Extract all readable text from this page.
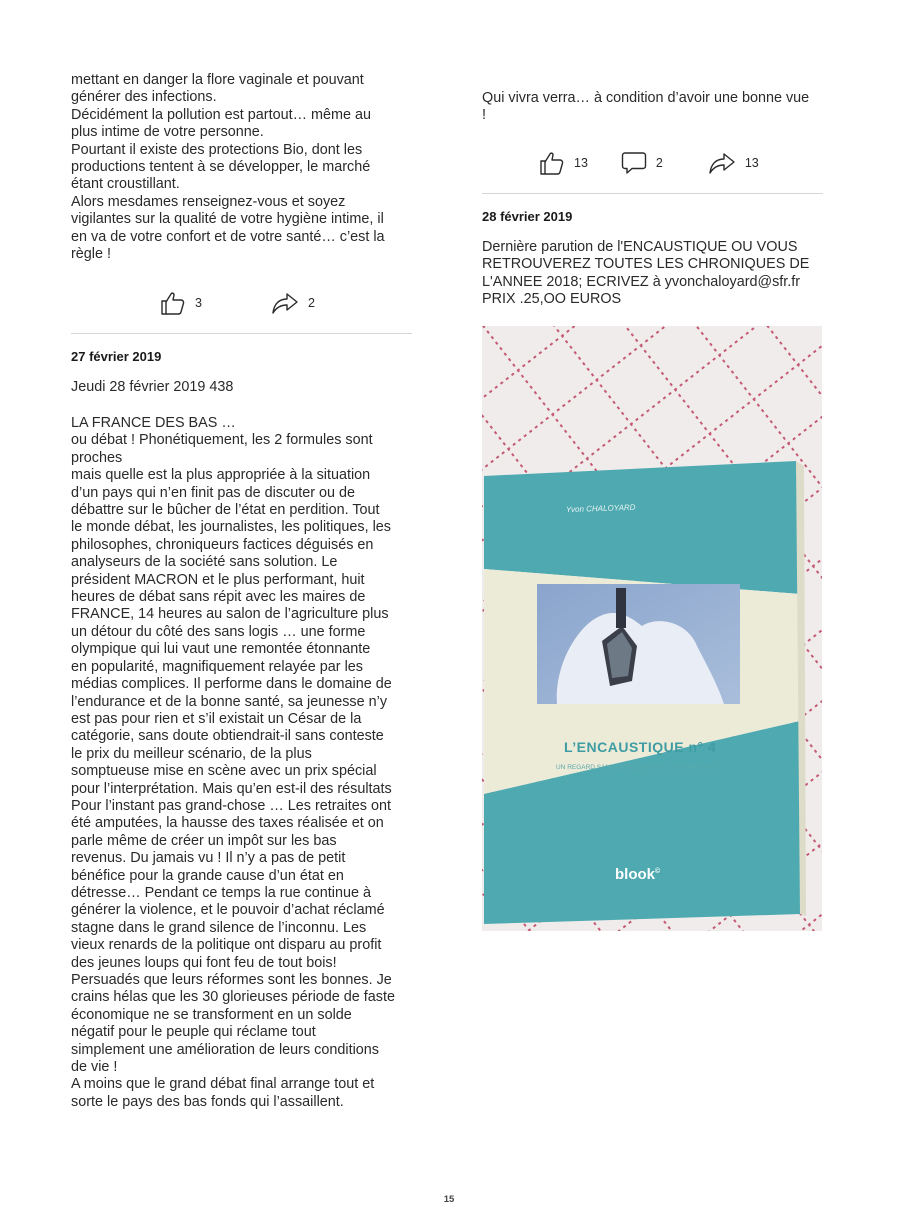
mettant en danger la flore vaginale et pouvant
générer des infections.
Décidément la pollution est partout… même au
plus intime de votre personne.
Pourtant il existe des protections Bio, dont les
productions tentent à se développer, le marché
étant croustillant.
Alors mesdames renseignez-vous et soyez
vigilantes sur la qualité de votre hygiène intime, il
en va de votre confort et de votre santé… c’est la
règle !

3	2

27 février 2019

Jeudi 28 février 2019 438

LA FRANCE DES BAS …
ou débat ! Phonétiquement, les 2 formules sont
proches
mais quelle est la plus appropriée à la situation
d’un pays qui n’en finit pas de discuter ou de
débattre sur le bûcher de l’état en perdition. Tout
le monde débat, les journalistes, les politiques, les
philosophes, chroniqueurs factices déguisés en
analyseurs de la société sans solution. Le
président MACRON et le plus performant, huit
heures de débat sans répit avec les maires de
FRANCE, 14 heures au salon de l’agriculture plus
un détour du côté des sans logis … une forme
olympique qui lui vaut une remontée étonnante
en popularité, magnifiquement relayée par les
médias complices. Il performe dans le domaine de
l’endurance et de la bonne santé, sa jeunesse n’y
est pas pour rien et s’il existait un César de la
catégorie, sans doute obtiendrait-il sans conteste
le prix du meilleur scénario, de la plus
somptueuse mise en scène avec un prix spécial
pour l’interprétation. Mais qu’en est-il des résultats
Pour l’instant pas grand-chose … Les retraites ont
été amputées, la hausse des taxes réalisée et on
parle même de créer un impôt sur les bas
revenus. Du jamais vu ! Il n’y a pas de petit
bénéfice pour la grande cause d’un état en
détresse… Pendant ce temps la rue continue à
générer la violence, et le pouvoir d’achat réclamé
stagne dans le grand silence de l’inconnu. Les
vieux renards de la politique ont disparu au profit
des jeunes loups qui font feu de tout bois!
Persuadés que leurs réformes sont les bonnes. Je
crains hélas que les 30 glorieuses période de faste
économique ne se transforment en un solde
négatif pour le peuple qui réclame tout
simplement une amélioration de leurs conditions
de vie !
A moins que le grand débat final arrange tout et
sorte le pays des bas fonds qui l’assaillent.

Qui vivra verra… à condition d’avoir une bonne vue
!

13	2	13

28 février 2019

Dernière parution de l'ENCAUSTIQUE OU VOUS
RETROUVEREZ TOUTES LES CHRONIQUES DE
L'ANNEE 2018; ECRIVEZ à yvonchaloyard@sfr.fr
PRIX .25,OO EUROS

Yvon CHALOYARD
L’ENCAUSTIQUE n° 4
UN REGARD SANS CONCESSION… sur l’année 2018
blook©
15
